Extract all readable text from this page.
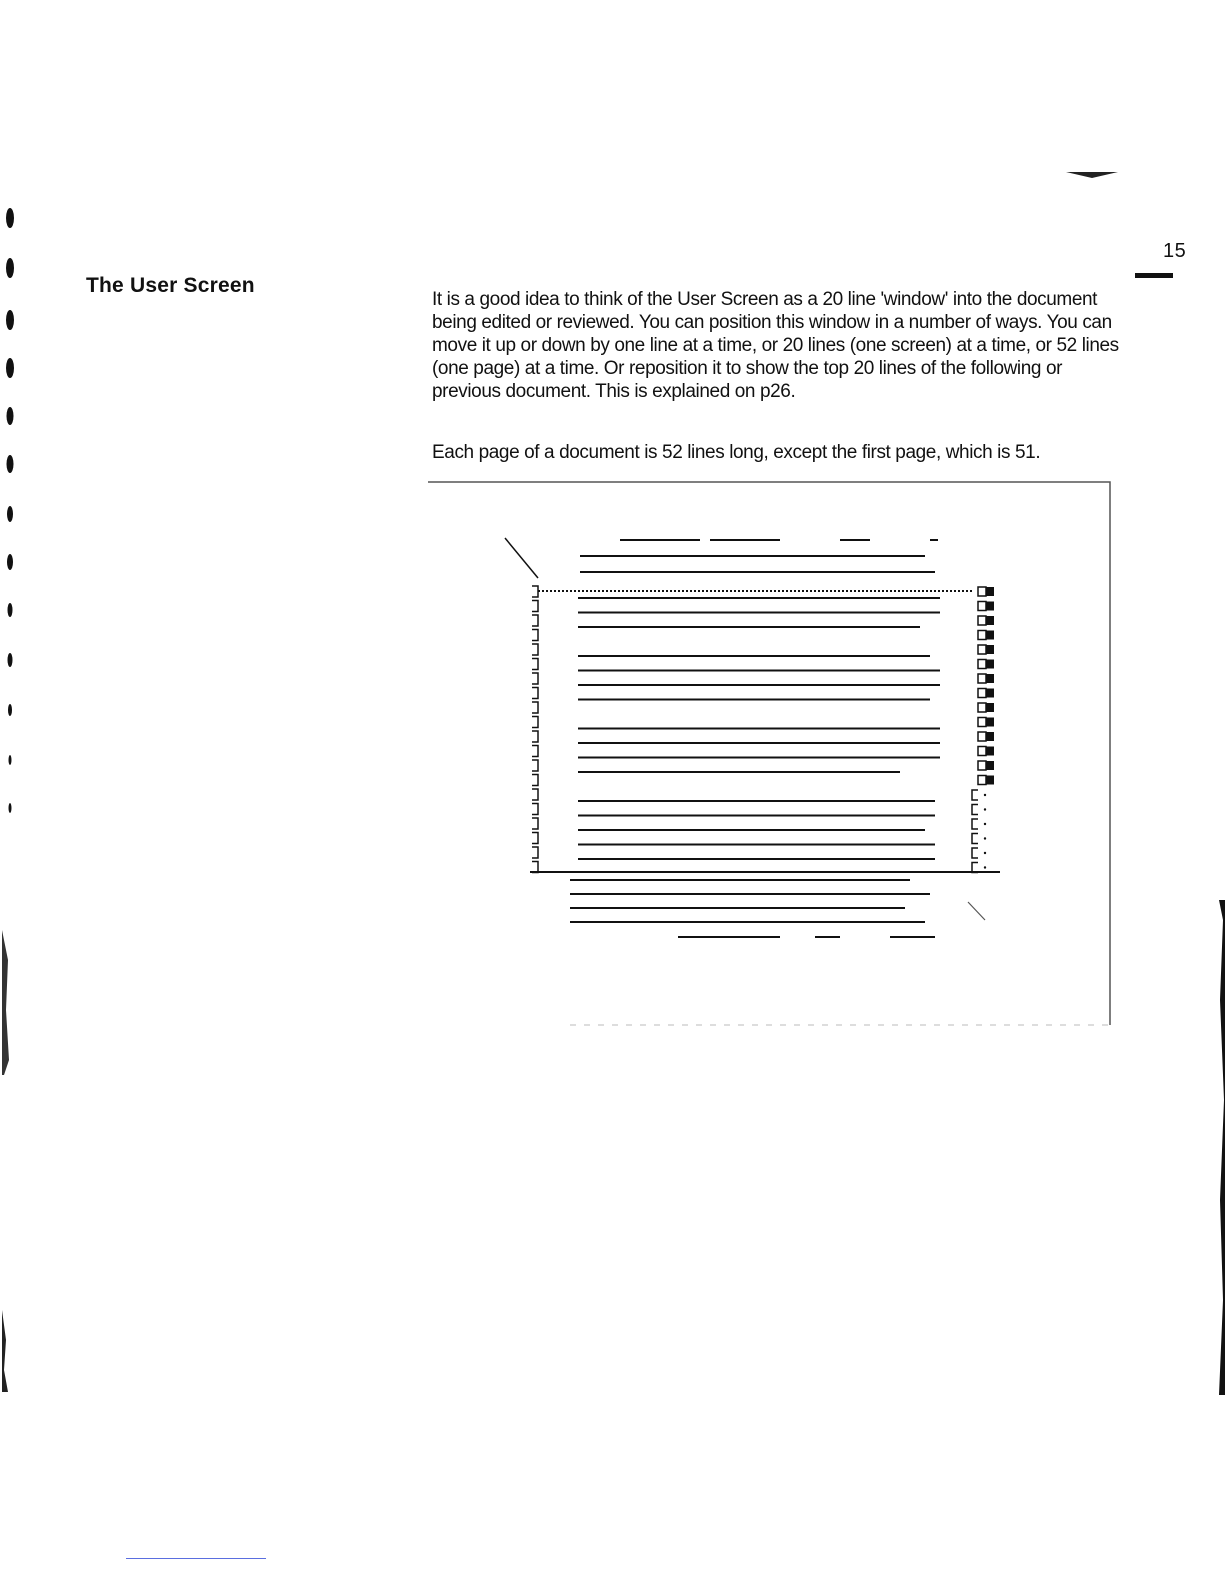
15
The User Screen

It is a good idea to think of the User Screen as a 20 line 'window' into the document being edited or reviewed. You can position this window in a number of ways. You can move it up or down by one line at a time, or 20 lines (one screen) at a time, or 52 lines (one page) at a time. Or reposition it to show the top 20 lines of the following or previous document. This is explained on p26.

Each page of a document is 52 lines long, except the first page, which is 51.
